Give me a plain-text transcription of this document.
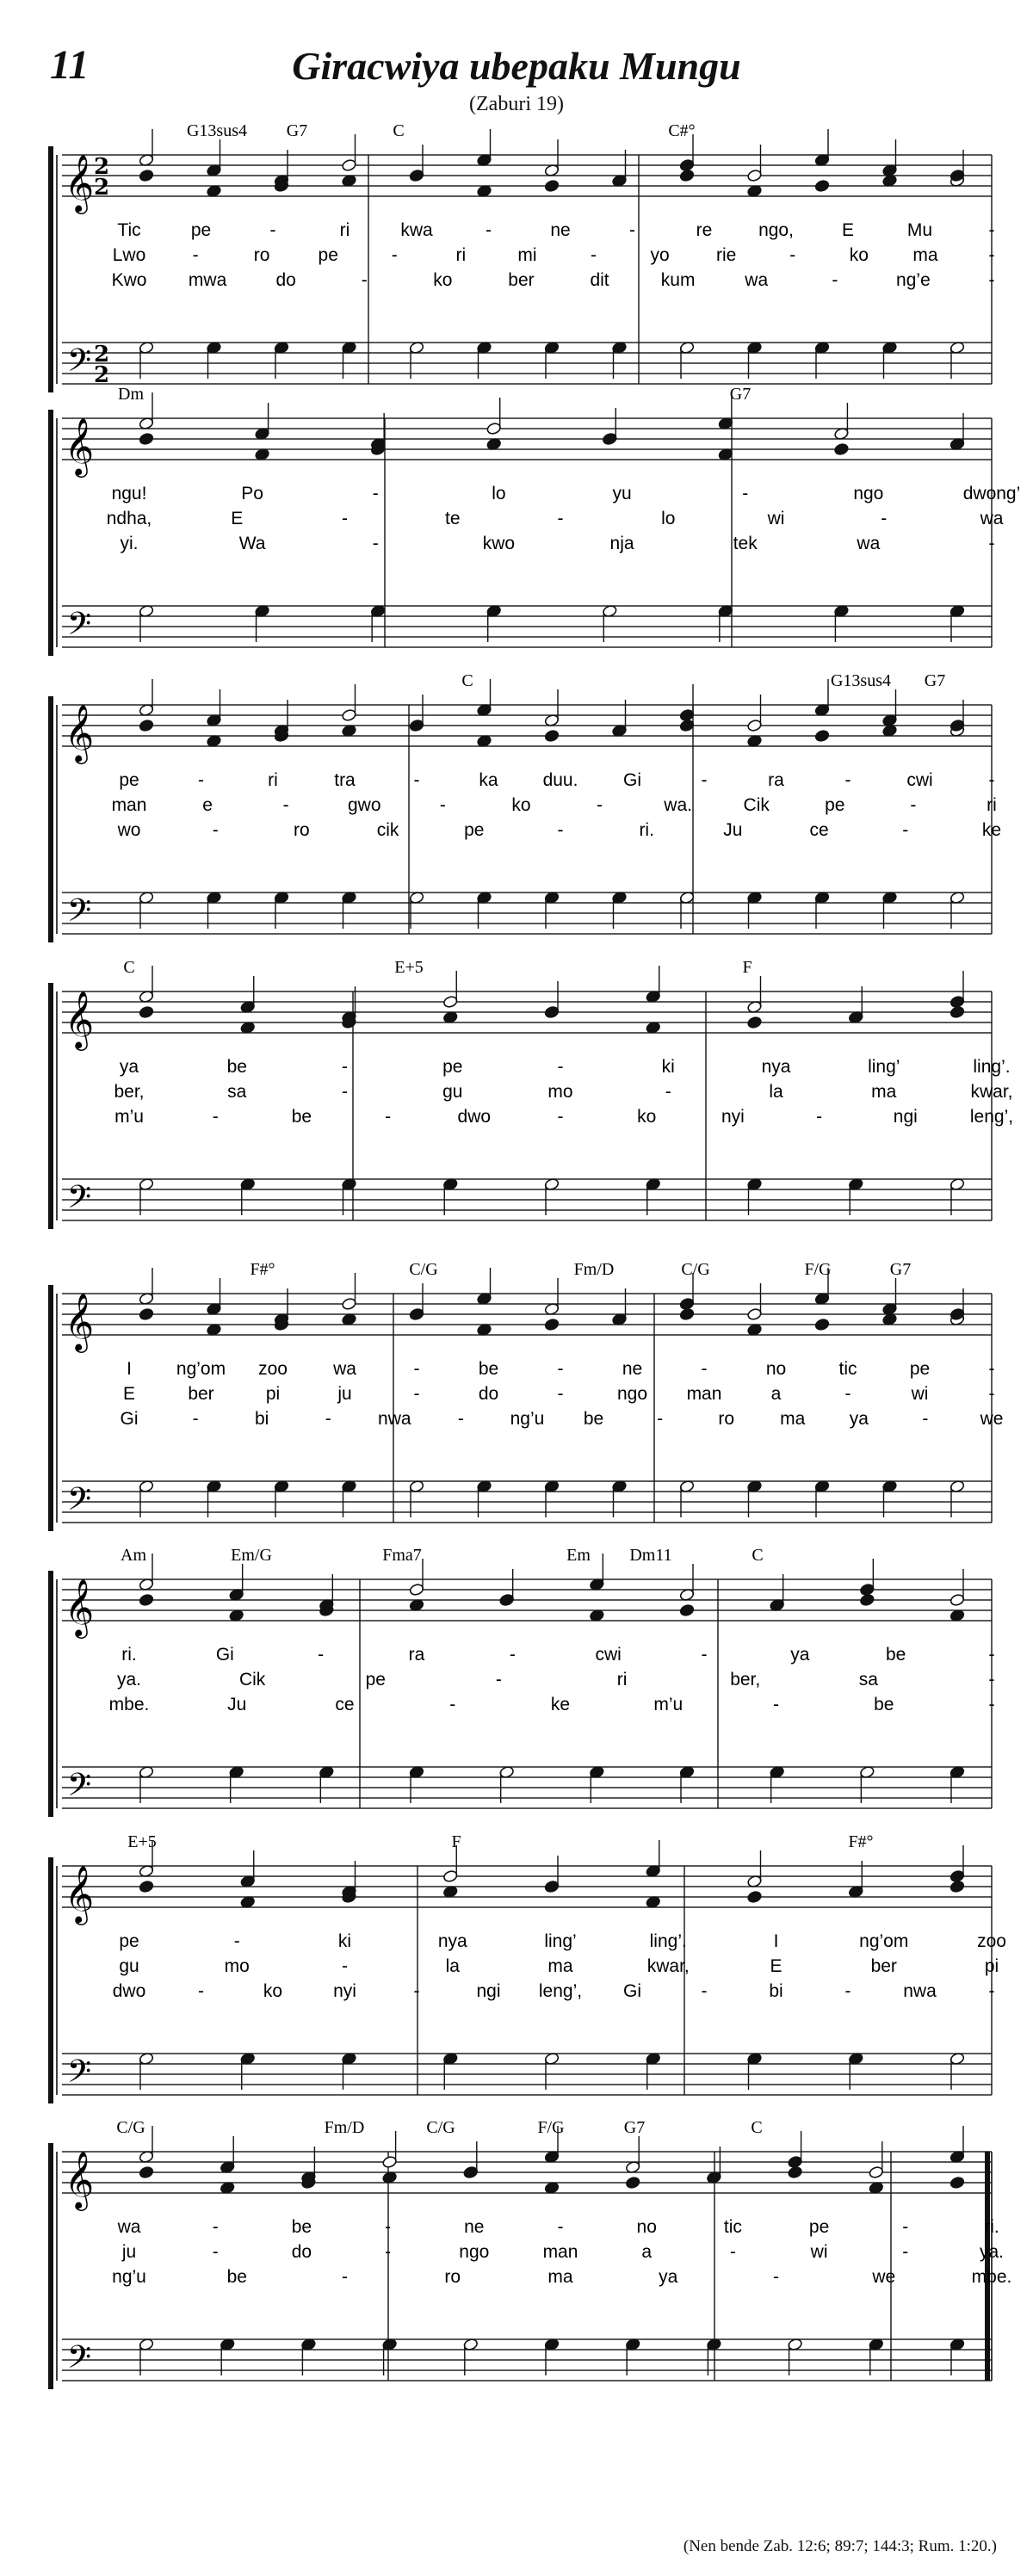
11	Giracwiya ubepaku Mungu
(Zaburi 19)
𝄞
𝄢
2
2
2
2
G13sus4 G7	C	C#°
Tic	pe	-	ri	kwa	-	ne	-	re	ngo,	E	Mu	-
Lwo	-	ro	pe	-	ri	mi	-	yo	rie	-	ko ma	-
Kwo mwa	do	-	ko	ber	dit	kum	wa	-	ng’e	-
𝄞
𝄢
Dm	G7
ngu!	Po	-	lo	yu	-	ngo	dwong’
ndha,	E	-	te	-	lo	wi	-	wa
yi.	Wa	-	kwo	nja	tek	wa	-
𝄞
𝄢
C	G13sus4 G7
pe	-	ri	tra	-	ka duu.	Gi	-	ra	-	cwi	-
man	e	-	gwo	-	ko	-	wa.	Cik	pe	-	ri
wo	-	ro	cik	pe	-	ri.	Ju	ce	-	ke
𝄞
𝄢
C	E+5	F
ya	be	-	pe	-	ki	nya	ling’	ling’.
ber,	sa	-	gu	mo	-	la	ma	kwar,
m’u	-	be	-	dwo	-	ko	nyi	-	ngi	leng’,
𝄞
𝄢
F#°	C/G	Fm/D	C/G	F/G	G7
I ng’om zoo	wa	-	be	-	ne	-	no	tic	pe	-
E	ber	pi	ju	-	do	-	ngo man	a	-	wi	-
Gi	-	bi	-	nwa	-	ng’u be	-	ro	ma ya	-	we
𝄞
𝄢
Am	Em/G	Fma7	Em Dm11	C
ri.	Gi	-	ra	-	cwi	-	ya	be	-
ya.	Cik	pe	-	ri	ber,	sa	-
mbe.	Ju	ce	-	ke	m’u	-	be	-
𝄞
𝄢
E+5	F	F#°
pe	-	ki	nya	ling’	ling’.	I	ng’om	zoo
gu	mo	-	la	ma	kwar,	E	ber	pi
dwo	-	ko	nyi	-	ngi leng’, Gi	-	bi	-	nwa	-
𝄞
𝄢
C/G	Fm/D	C/G	F/G	G7	C
wa	-	be	-	ne	-	no	tic	pe	-	ri.
ju	-	do	-	ngo	man	a	-	wi	-	ya.
ng’u	be	-	ro	ma	ya	-	we	mbe.
(Nen bende Zab. 12:6; 89:7; 144:3; Rum. 1:20.)
